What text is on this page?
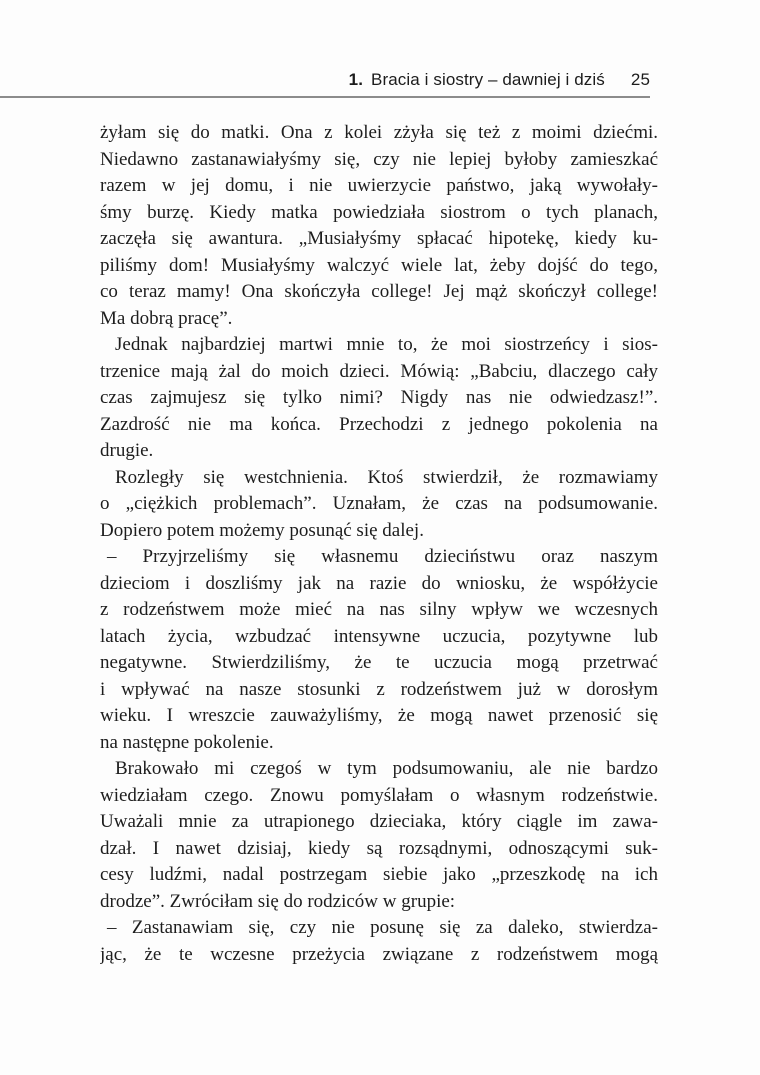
1. Bracia i siostry – dawniej i dziś 25
żyłam się do matki. Ona z kolei zżyła się też z moimi dziećmi.
Niedawno zastanawiałyśmy się, czy nie lepiej byłoby zamieszkać
razem w jej domu, i nie uwierzycie państwo, jaką wywołały-
śmy burzę. Kiedy matka powiedziała siostrom o tych planach,
zaczęła się awantura. „Musiałyśmy spłacać hipotekę, kiedy ku-
piliśmy dom! Musiałyśmy walczyć wiele lat, żeby dojść do tego,
co teraz mamy! Ona skończyła college! Jej mąż skończył college!
Ma dobrą pracę”.
Jednak najbardziej martwi mnie to, że moi siostrzeńcy i sios-
trzenice mają żal do moich dzieci. Mówią: „Babciu, dlaczego cały
czas zajmujesz się tylko nimi? Nigdy nas nie odwiedzasz!”.
Zazdrość nie ma końca. Przechodzi z jednego pokolenia na
drugie.
Rozległy się westchnienia. Ktoś stwierdził, że rozmawiamy
o „ciężkich problemach”. Uznałam, że czas na podsumowanie.
Dopiero potem możemy posunąć się dalej.
– Przyjrzeliśmy się własnemu dzieciństwu oraz naszym
dzieciom i doszliśmy jak na razie do wniosku, że współżycie
z rodzeństwem może mieć na nas silny wpływ we wczesnych
latach życia, wzbudzać intensywne uczucia, pozytywne lub
negatywne. Stwierdziliśmy, że te uczucia mogą przetrwać
i wpływać na nasze stosunki z rodzeństwem już w dorosłym
wieku. I wreszcie zauważyliśmy, że mogą nawet przenosić się
na następne pokolenie.
Brakowało mi czegoś w tym podsumowaniu, ale nie bardzo
wiedziałam czego. Znowu pomyślałam o własnym rodzeństwie.
Uważali mnie za utrapionego dzieciaka, który ciągle im zawa-
dzał. I nawet dzisiaj, kiedy są rozsądnymi, odnoszącymi suk-
cesy ludźmi, nadal postrzegam siebie jako „przeszkodę na ich
drodze”. Zwróciłam się do rodziców w grupie:
– Zastanawiam się, czy nie posunę się za daleko, stwierdza-
jąc, że te wczesne przeżycia związane z rodzeństwem mogą
